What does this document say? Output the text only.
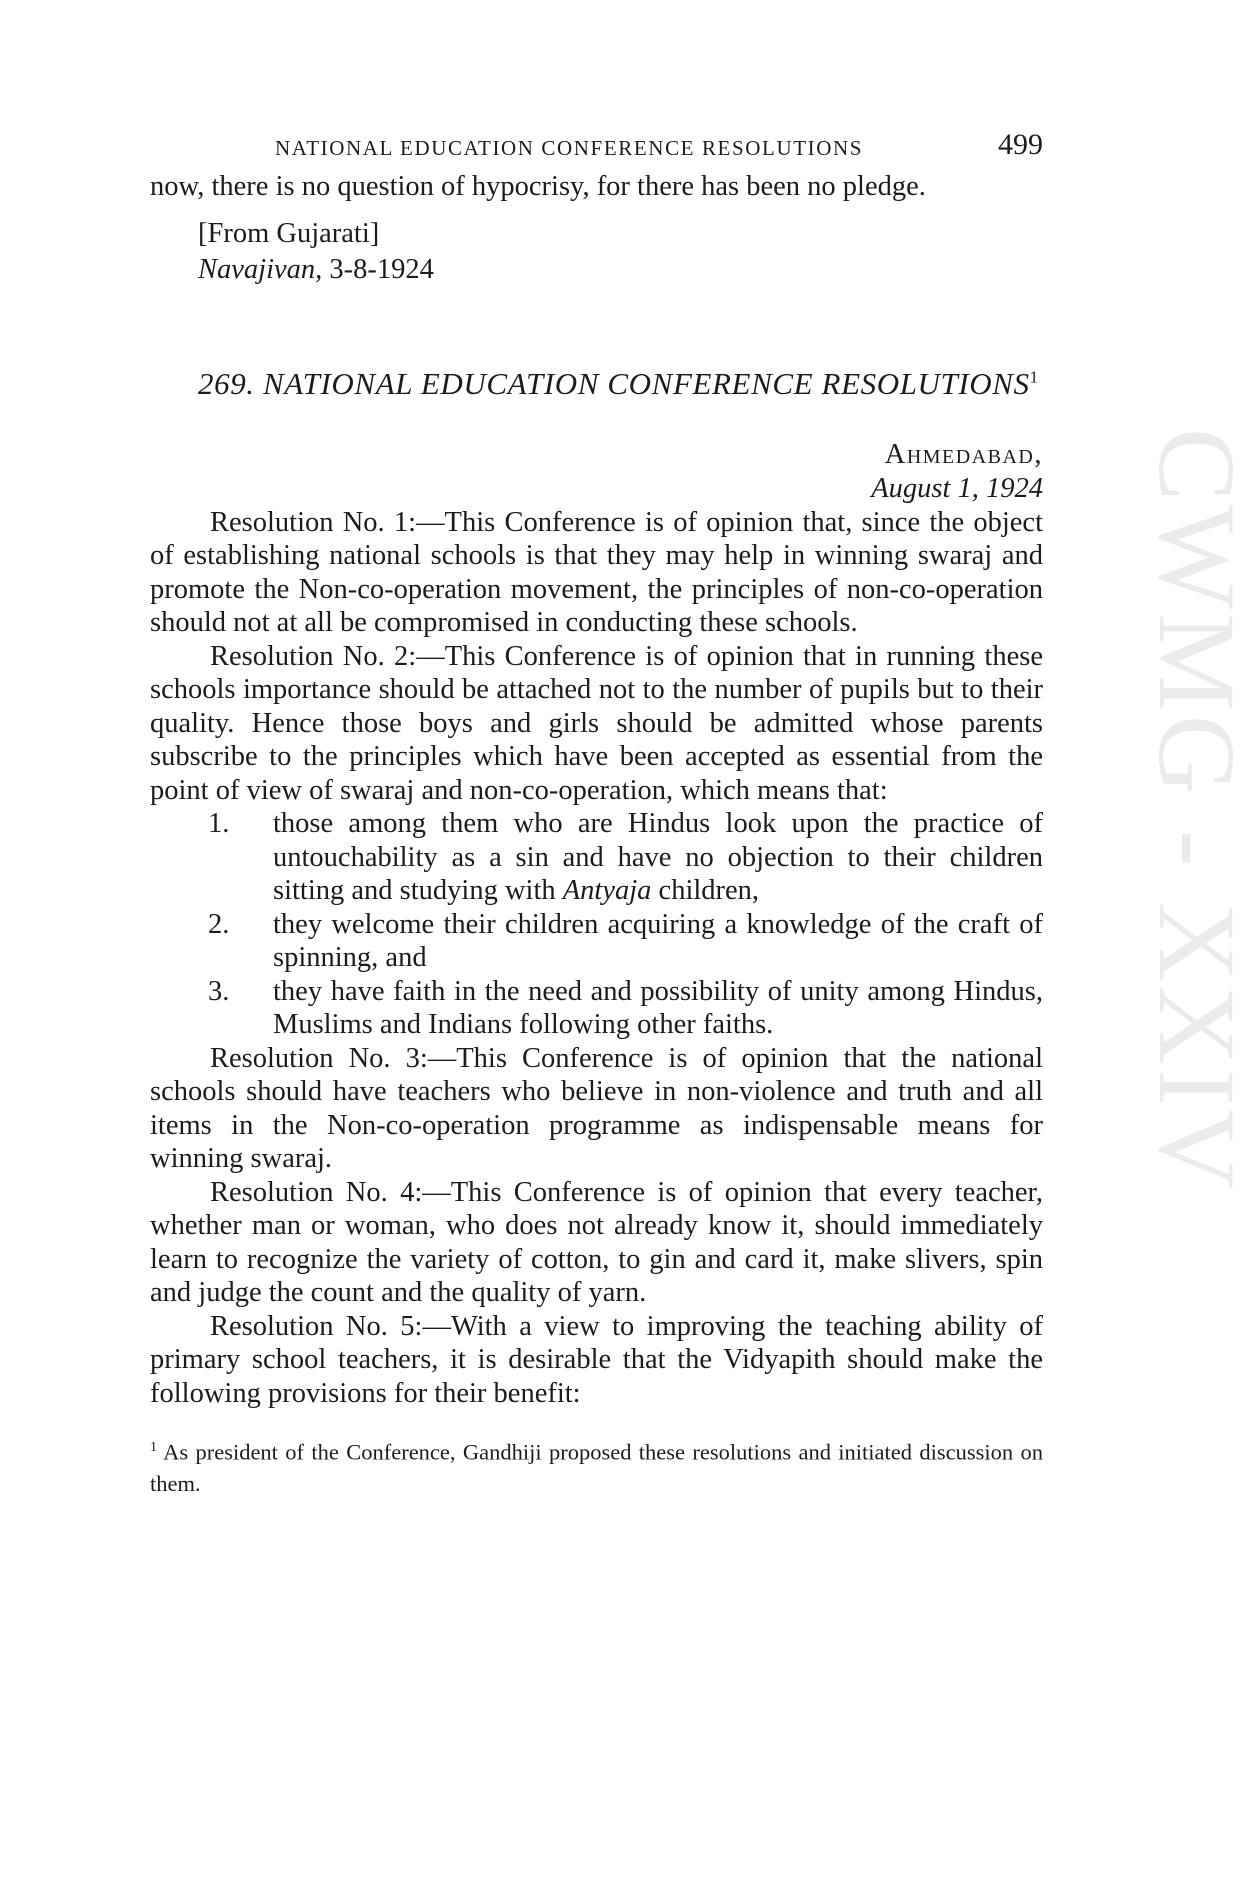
CWMG - XXIV
NATIONAL EDUCATION CONFERENCE RESOLUTIONS	499

now, there is no question of hypocrisy, for there has been no pledge.

[From Gujarati]

Navajivan, 3-8-1924

269. NATIONAL EDUCATION CONFERENCE RESOLUTIONS$^1$

Ahmedabad,
August 1, 1924

Resolution No. 1:—This Conference is of opinion that, since the object of establishing national schools is that they may help in winning swaraj and promote the Non-co-operation movement, the principles of non-co-operation should not at all be compromised in conducting these schools.

Resolution No. 2:—This Conference is of opinion that in running these schools importance should be attached not to the number of pupils but to their quality. Hence those boys and girls should be admitted whose parents subscribe to the principles which have been accepted as essential from the point of view of swaraj and non-co-operation, which means that:

1. those among them who are Hindus look upon the practice of untouchability as a sin and have no objection to their children sitting and studying with Antyaja children,
2. they welcome their children acquiring a knowledge of the craft of spinning, and
3. they have faith in the need and possibility of unity among Hindus, Muslims and Indians following other faiths.

Resolution No. 3:—This Conference is of opinion that the national schools should have teachers who believe in non-violence and truth and all items in the Non-co-operation programme as indispensable means for winning swaraj.

Resolution No. 4:—This Conference is of opinion that every teacher, whether man or woman, who does not already know it, should immediately learn to recognize the variety of cotton, to gin and card it, make slivers, spin and judge the count and the quality of yarn.

Resolution No. 5:—With a view to improving the teaching ability of primary school teachers, it is desirable that the Vidyapith should make the following provisions for their benefit:

$^1$ As president of the Conference, Gandhiji proposed these resolutions and initiated discussion on them.
